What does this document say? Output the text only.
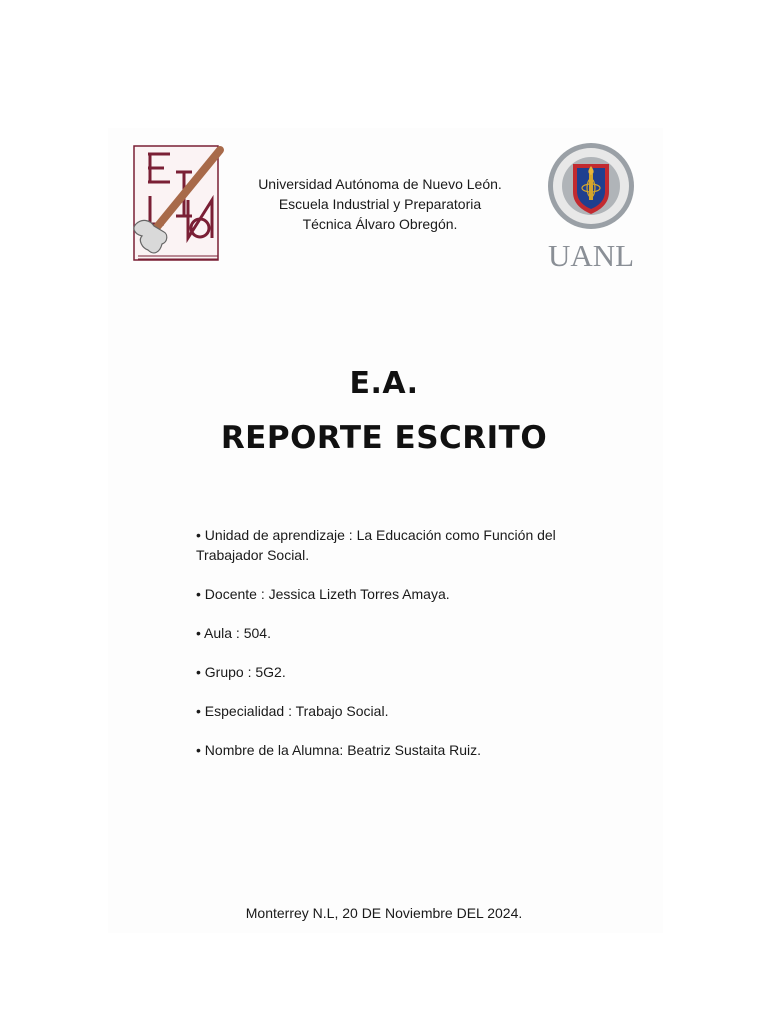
Universidad Autónoma de Nuevo León.
Escuela Industrial y Preparatoria
Técnica Álvaro Obregón.
UANL
E.A.
REPORTE ESCRITO
• Unidad de aprendizaje : La Educación como Función del Trabajador Social.
• Docente : Jessica Lizeth Torres Amaya.
• Aula : 504.
• Grupo : 5G2.
• Especialidad : Trabajo Social.
• Nombre de la Alumna: Beatriz Sustaita Ruiz.
Monterrey N.L, 20 DE Noviembre DEL 2024.
